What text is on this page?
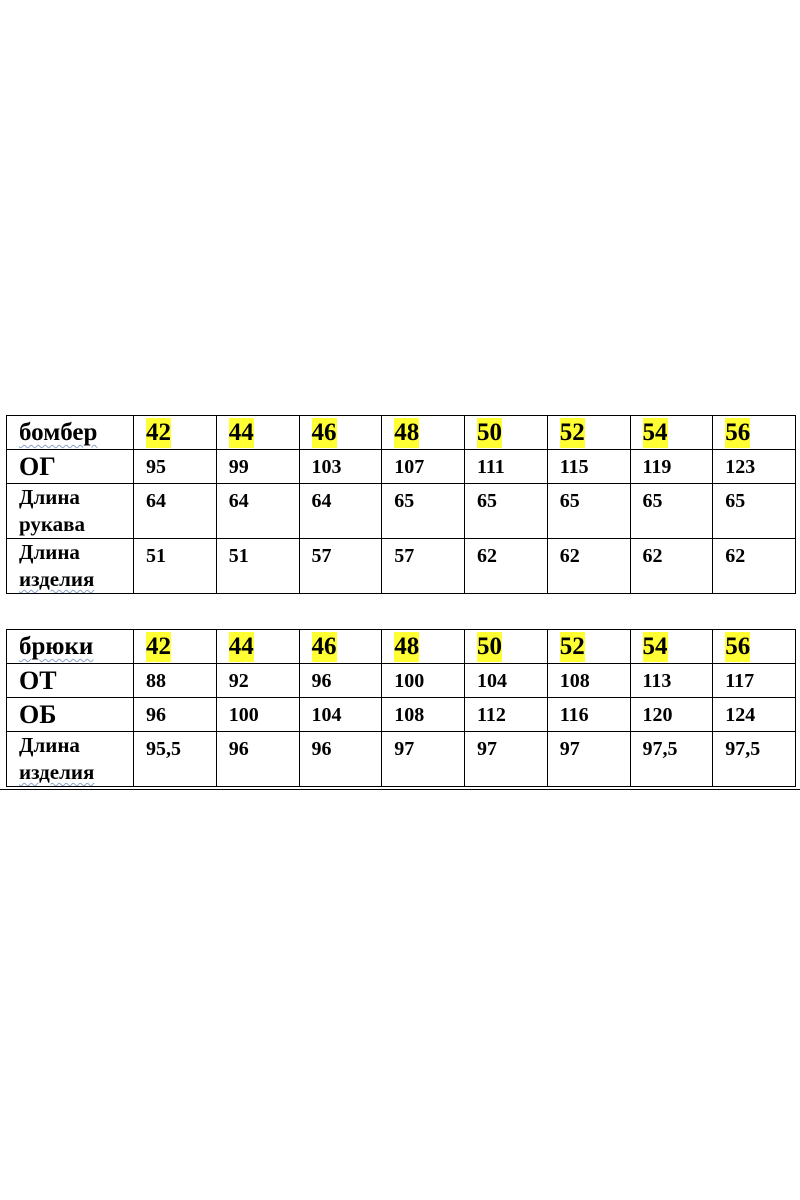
бомбер	42	44	46	48	50	52	54	56
ОГ	95	99	103	107	111	115	119	123

Длина
рукава	64	64	64	65	65	65	65	65

Длина
изделия	51	51	57	57	62	62	62	62
брюки	42	44	46	48	50	52	54	56
ОТ	88	92	96	100	104	108	113	117
ОБ	96	100	104	108	112	116	120	124

Длина
изделия	95,5	96	96	97	97	97	97,5	97,5
